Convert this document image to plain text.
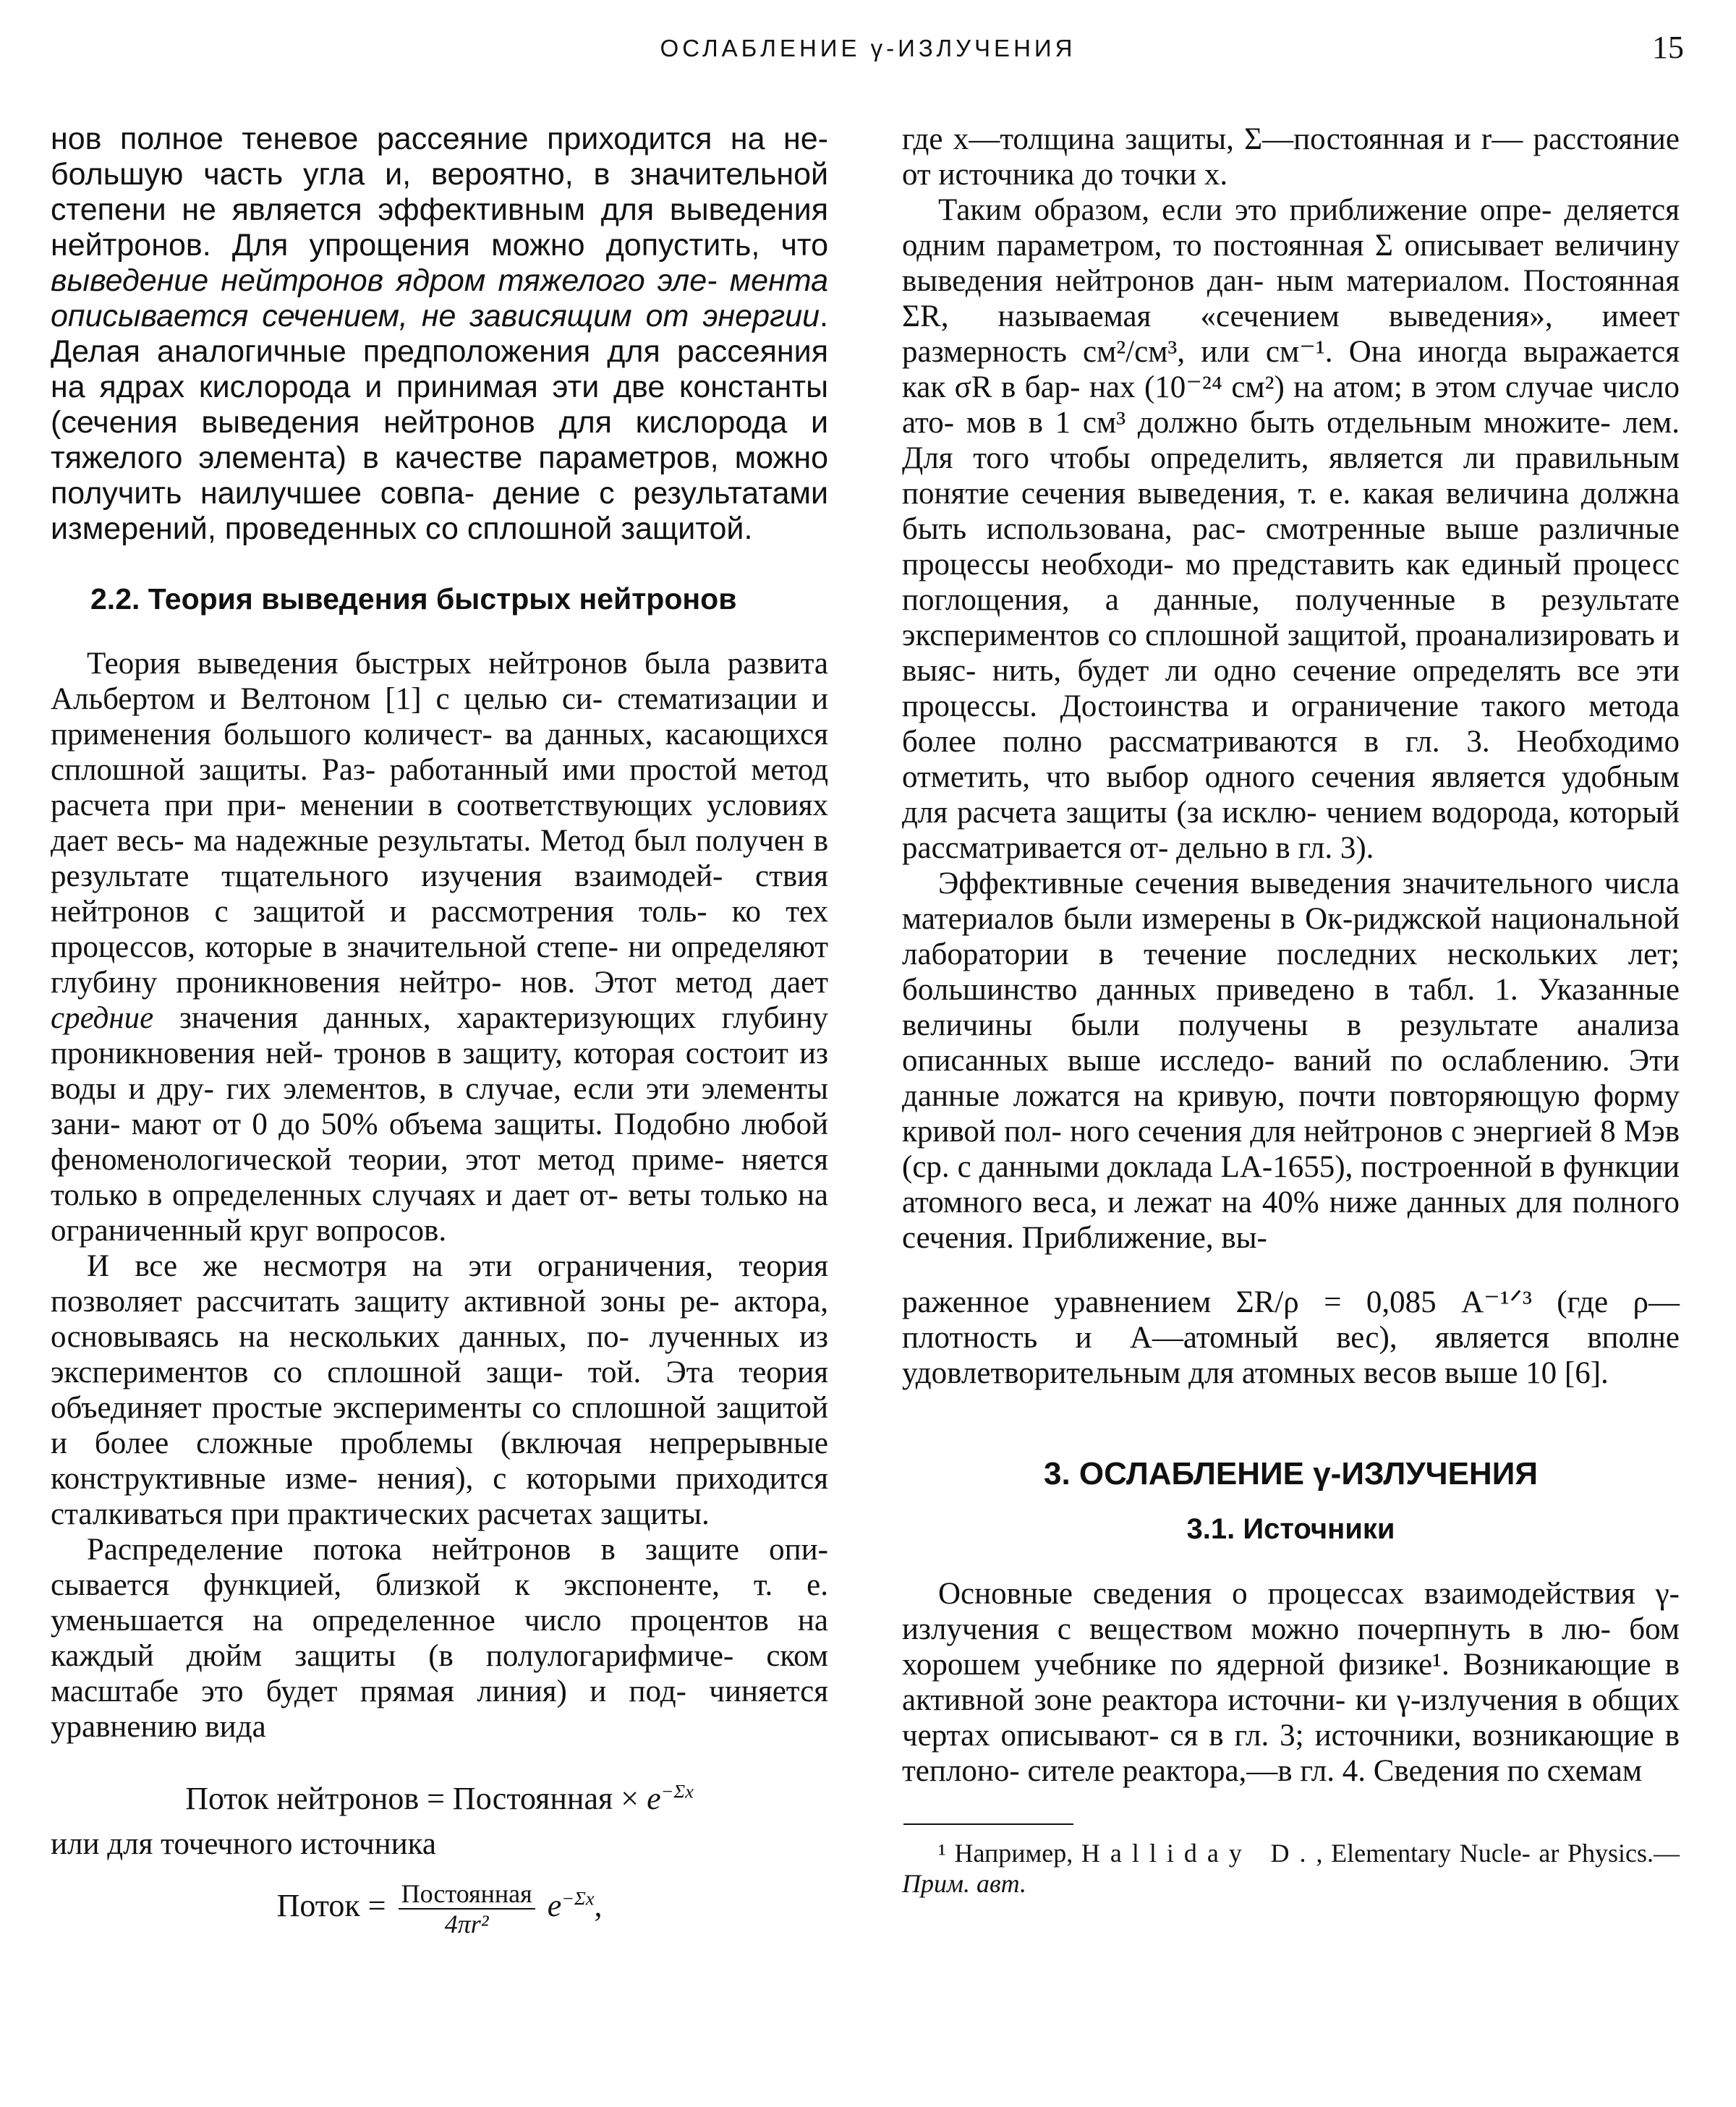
ОСЛАБЛЕНИЕ γ-ИЗЛУЧЕНИЯ	15

нов полное теневое рассеяние приходится на не- большую часть угла и, вероятно, в значительной степени не является эффективным для выведения нейтронов. Для упрощения можно допустить, что выведение нейтронов ядром тяжелого эле- мента описывается сечением, не зависящим от энергии. Делая аналогичные предположения для рассеяния на ядрах кислорода и принимая эти две константы (сечения выведения нейтронов для кислорода и тяжелого элемента) в качестве параметров, можно получить наилучшее совпа- дение с результатами измерений, проведенных со сплошной защитой.

2.2. Теория выведения быстрых нейтронов

Теория выведения быстрых нейтронов была развита Альбертом и Велтоном [1] с целью си- стематизации и применения большого количест- ва данных, касающихся сплошной защиты. Раз- работанный ими простой метод расчета при при- менении в соответствующих условиях дает весь- ма надежные результаты. Метод был получен в результате тщательного изучения взаимодей- ствия нейтронов с защитой и рассмотрения толь- ко тех процессов, которые в значительной степе- ни определяют глубину проникновения нейтро- нов. Этот метод дает средние значения данных, характеризующих глубину проникновения ней- тронов в защиту, которая состоит из воды и дру- гих элементов, в случае, если эти элементы зани- мают от 0 до 50% объема защиты. Подобно любой феноменологической теории, этот метод приме- няется только в определенных случаях и дает от- веты только на ограниченный круг вопросов.

И все же несмотря на эти ограничения, теория позволяет рассчитать защиту активной зоны ре- актора, основываясь на нескольких данных, по- лученных из экспериментов со сплошной защи- той. Эта теория объединяет простые эксперименты со сплошной защитой и более сложные проблемы (включая непрерывные конструктивные изме- нения), с которыми приходится сталкиваться при практических расчетах защиты.

Распределение потока нейтронов в защите опи- сывается функцией, близкой к экспоненте, т. е. уменьшается на определенное число процентов на каждый дюйм защиты (в полулогарифмиче- ском масштабе это будет прямая линия) и под- чиняется уравнению вида

Поток нейтронов = Постоянная × $e^{-\Sigma x}$

или для точечного источника

Поток = $\frac{\text{Постоянная}}{\text{4πr²}} e^{-\Sigma x}$,

где x—толщина защиты, Σ—постоянная и r— расстояние от источника до точки x.

Таким образом, если это приближение опре- деляется одним параметром, то постоянная Σ описывает величину выведения нейтронов дан- ным материалом. Постоянная ΣR, называемая «сечением выведения», имеет размерность см²/см³, или см⁻¹. Она иногда выражается как σR в бар- нах (10⁻²⁴ см²) на атом; в этом случае число ато- мов в 1 см³ должно быть отдельным множите- лем. Для того чтобы определить, является ли правильным понятие сечения выведения, т. е. какая величина должна быть использована, рас- смотренные выше различные процессы необходи- мо представить как единый процесс поглощения, а данные, полученные в результате экспериментов со сплошной защитой, проанализировать и выяс- нить, будет ли одно сечение определять все эти процессы. Достоинства и ограничение такого метода более полно рассматриваются в гл. 3. Необходимо отметить, что выбор одного сечения является удобным для расчета защиты (за исклю- чением водорода, который рассматривается от- дельно в гл. 3).

Эффективные сечения выведения значительного числа материалов были измерены в Ок-риджской национальной лаборатории в течение последних нескольких лет; большинство данных приведено в табл. 1. Указанные величины были получены в результате анализа описанных выше исследо- ваний по ослаблению. Эти данные ложатся на кривую, почти повторяющую форму кривой пол- ного сечения для нейтронов с энергией 8 Мэв (ср. с данными доклада LA-1655), построенной в функции атомного веса, и лежат на 40% ниже данных для полного сечения. Приближение, вы-

раженное уравнением ΣR/ρ = 0,085 A⁻¹ᐟ³ (где ρ—плотность и A—атомный вес), является вполне удовлетворительным для атомных весов выше 10 [6].

3. ОСЛАБЛЕНИЕ γ-ИЗЛУЧЕНИЯ
3.1. Источники

Основные сведения о процессах взаимодействия γ-излучения с веществом можно почерпнуть в лю- бом хорошем учебнике по ядерной физике¹. Возникающие в активной зоне реактора источни- ки γ-излучения в общих чертах описывают- ся в гл. 3; источники, возникающие в теплоно- сителе реактора,—в гл. 4. Сведения по схемам

¹ Например, Halliday D., Elementary Nucle- ar Physics.—Прим. авт.
